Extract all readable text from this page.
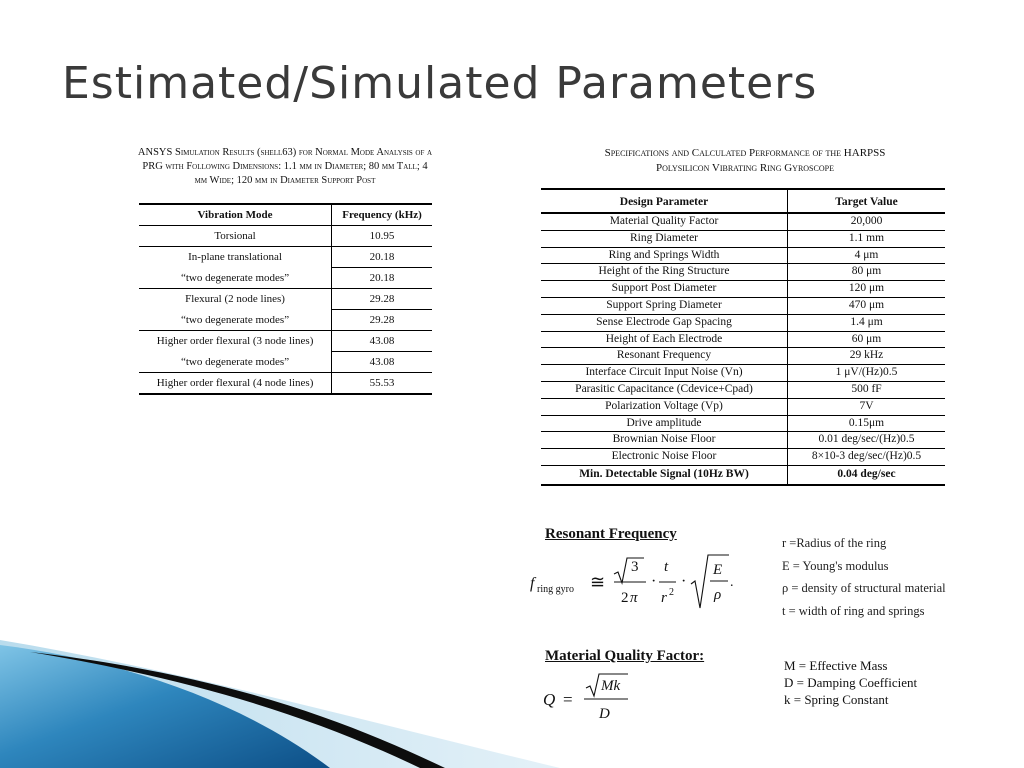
Estimated/Simulated Parameters
ANSYS Simulation Results (shell63) for Normal Mode Analysis of a
PRG with Following Dimensions: 1.1 mm in Diameter; 80 μm Tall; 4
μm Wide; 120 μm in Diameter Support Post
Vibration Mode	Frequency (kHz)
Torsional	10.95
In-plane translational	20.18
“two degenerate modes”	20.18
Flexural (2 node lines)	29.28
“two degenerate modes”	29.28
Higher order flexural (3 node lines)	43.08
“two degenerate modes”	43.08
Higher order flexural (4 node lines)	55.53
Specifications and Calculated Performance of the HARPSS
Polysilicon Vibrating Ring Gyroscope
Design Parameter	Target Value
Material Quality Factor	20,000
Ring Diameter	1.1 mm
Ring and Springs Width	4 μm
Height of the Ring Structure	80 μm
Support Post Diameter	120 μm
Support Spring Diameter	470 μm
Sense Electrode Gap Spacing	1.4 μm
Height of Each Electrode	60 μm
Resonant Frequency	29 kHz
Interface Circuit Input Noise (Vn)	1 μV/(Hz)0.5
Parasitic Capacitance (Cdevice+Cpad)	500 fF
Polarization Voltage (Vp)	7V
Drive amplitude	0.15μm
Brownian Noise Floor	0.01 deg/sec/(Hz)0.5
Electronic Noise Floor	8×10-3 deg/sec/(Hz)0.5
Min. Detectable Signal (10Hz BW)	0.04 deg/sec
Resonant Frequency
f ring gyro ≅
3
2 π
·
t
r 2
·
E
ρ
.
r =Radius of the ring
E = Young's modulus
ρ = density of structural material
t = width of ring and springs
Material Quality Factor:
Q =
Mk
D
M = Effective Mass
D = Damping Coefficient
k = Spring Constant
